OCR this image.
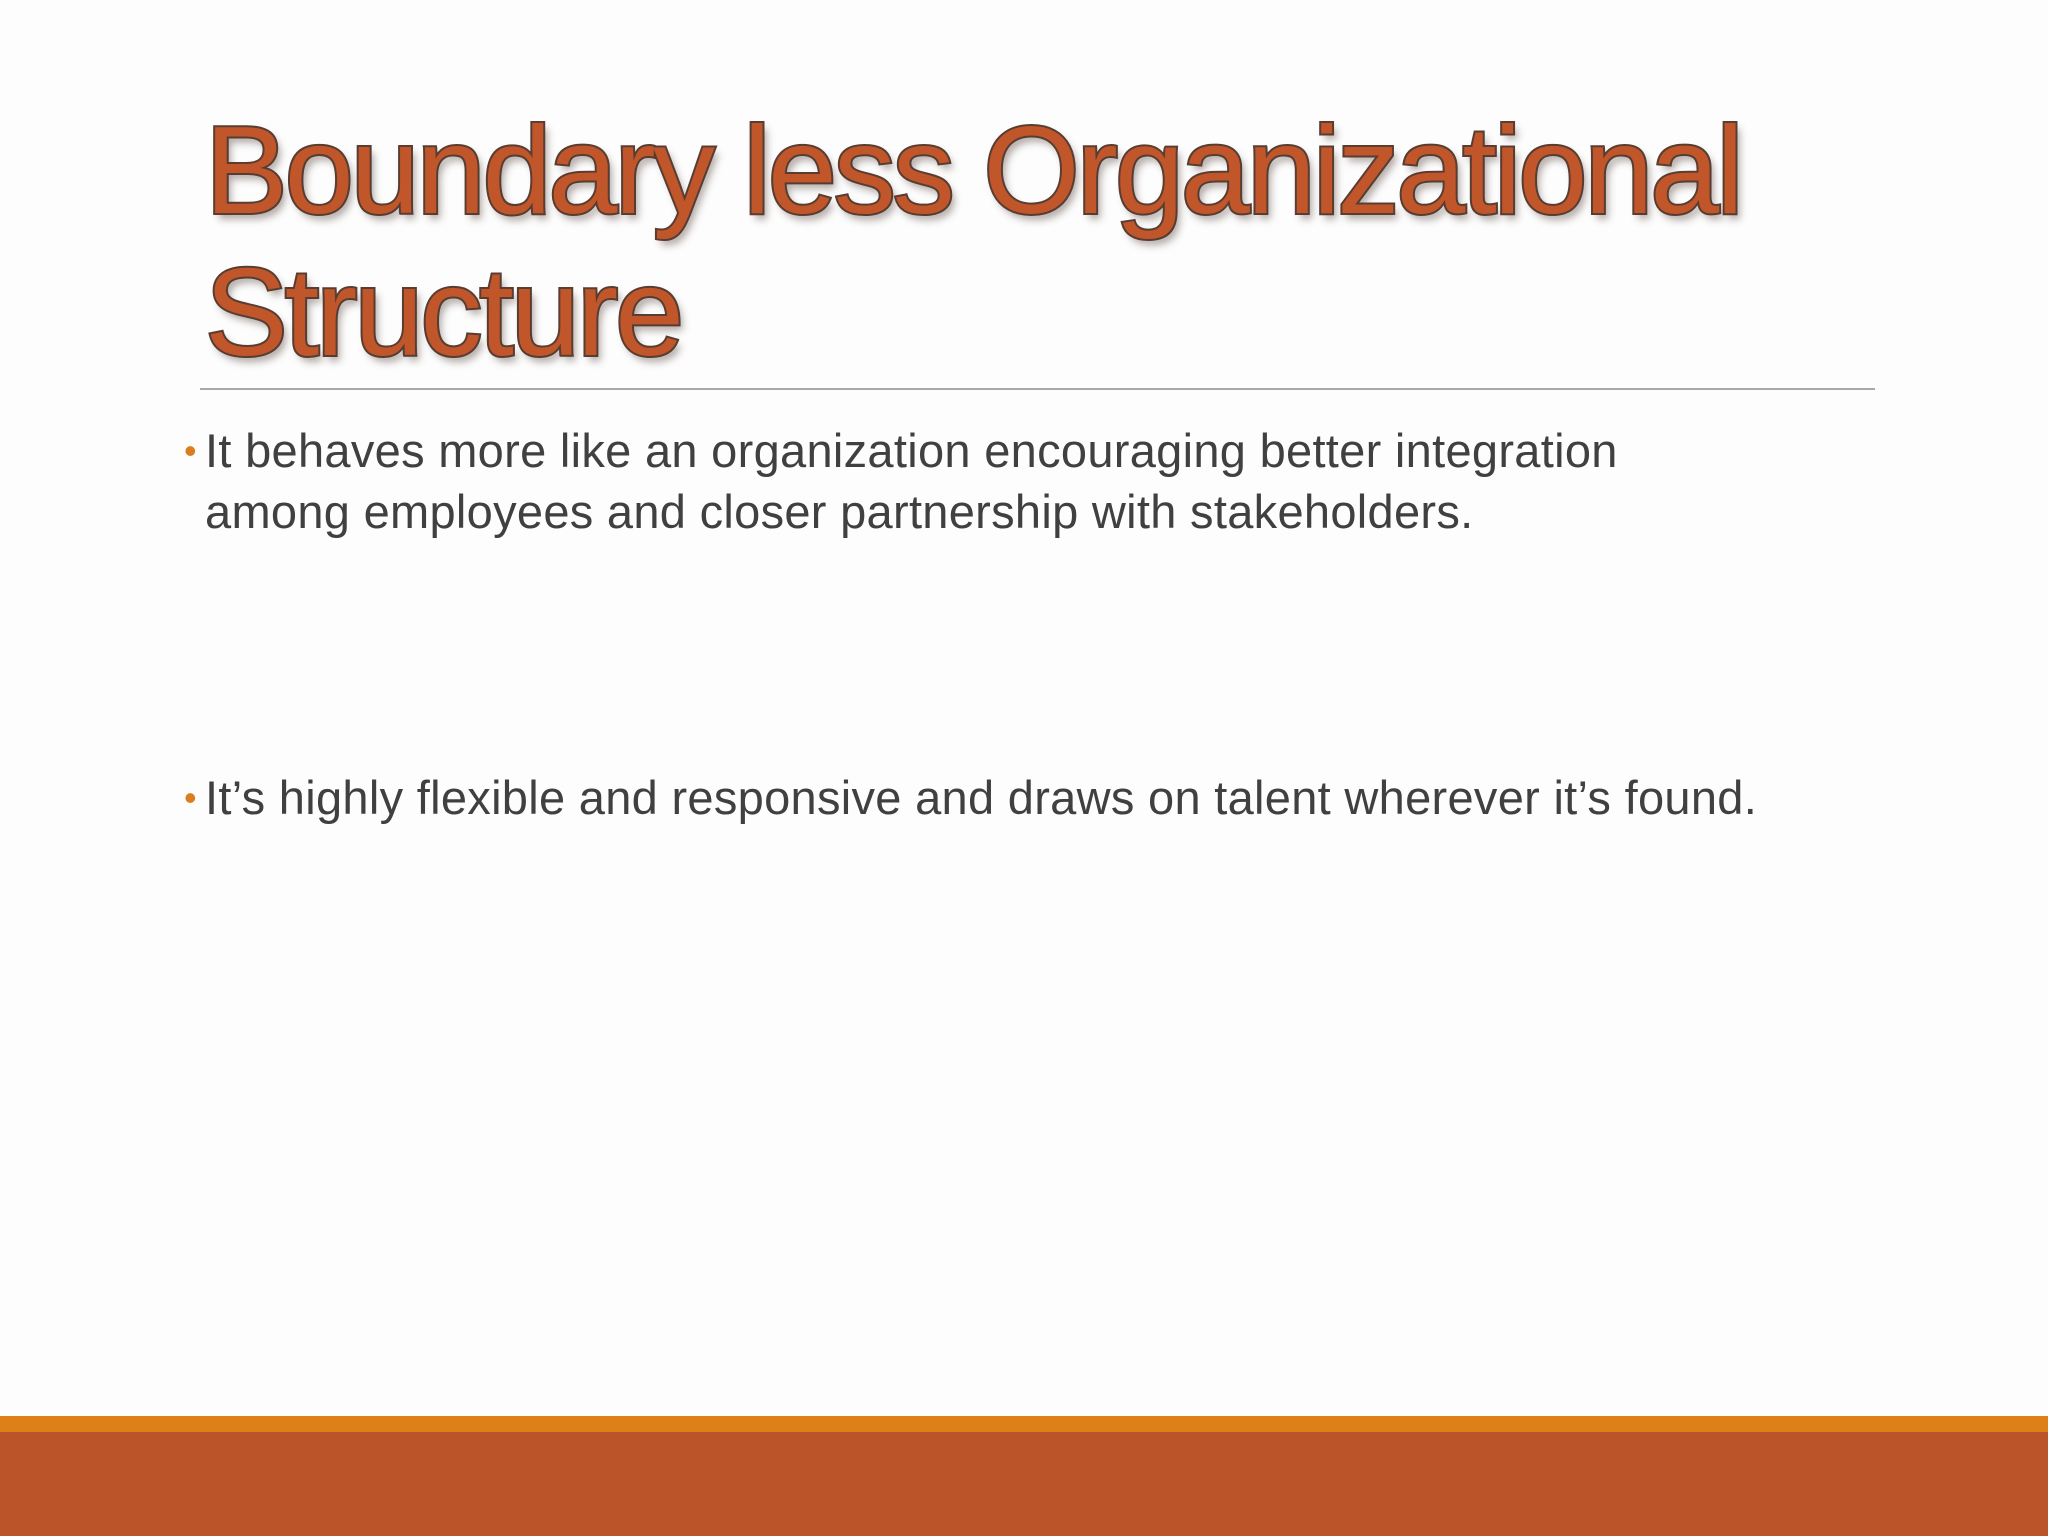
Boundary less Organizational Structure
• It behaves more like an organization encouraging better integration among employees and closer partnership with stakeholders.
• It’s highly flexible and responsive and draws on talent wherever it’s found.
